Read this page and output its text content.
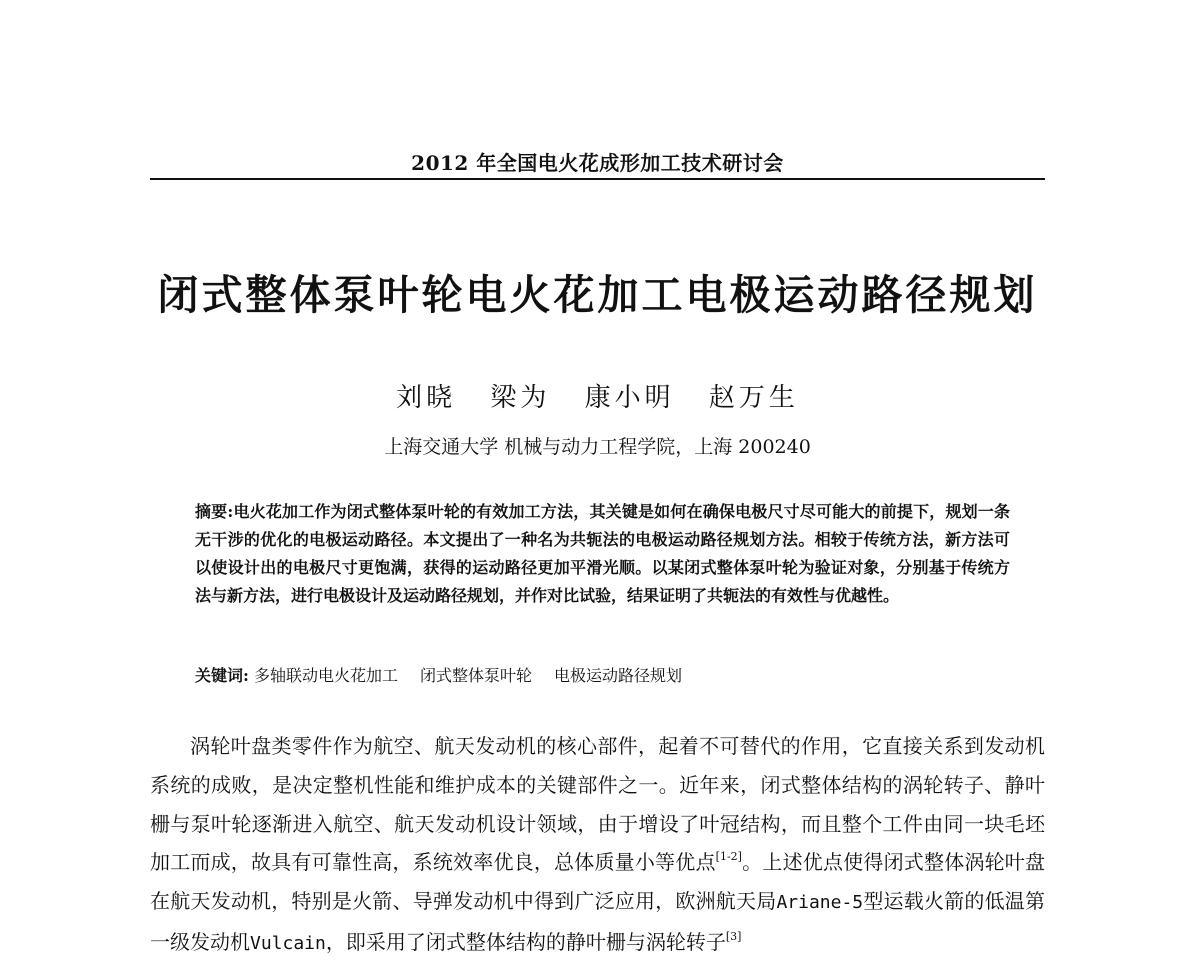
2012 年全国电火花成形加工技术研讨会
闭式整体泵叶轮电火花加工电极运动路径规划
刘晓 梁为 康小明 赵万生
上海交通大学 机械与动力工程学院，上海 200240
摘要:电火花加工作为闭式整体泵叶轮的有效加工方法，其关键是如何在确保电极尺寸尽可能大的前提下，规划一条无干涉的优化的电极运动路径。本文提出了一种名为共轭法的电极运动路径规划方法。相较于传统方法，新方法可以使设计出的电极尺寸更饱满，获得的运动路径更加平滑光顺。以某闭式整体泵叶轮为验证对象，分别基于传统方法与新方法，进行电极设计及运动路径规划，并作对比试验，结果证明了共轭法的有效性与优越性。
关键词: 多轴联动电火花加工 闭式整体泵叶轮 电极运动路径规划

涡轮叶盘类零件作为航空、航天发动机的核心部件，起着不可替代的作用，它直接关系到发动机系统的成败，是决定整机性能和维护成本的关键部件之一。近年来，闭式整体结构的涡轮转子、静叶栅与泵叶轮逐渐进入航空、航天发动机设计领域，由于增设了叶冠结构，而且整个工件由同一块毛坯加工而成，故具有可靠性高，系统效率优良，总体质量小等优点[1-2]。上述优点使得闭式整体涡轮叶盘在航天发动机，特别是火箭、导弹发动机中得到广泛应用，欧洲航天局Ariane-5型运载火箭的低温第一级发动机Vulcain，即采用了闭式整体结构的静叶栅与涡轮转子[3]
